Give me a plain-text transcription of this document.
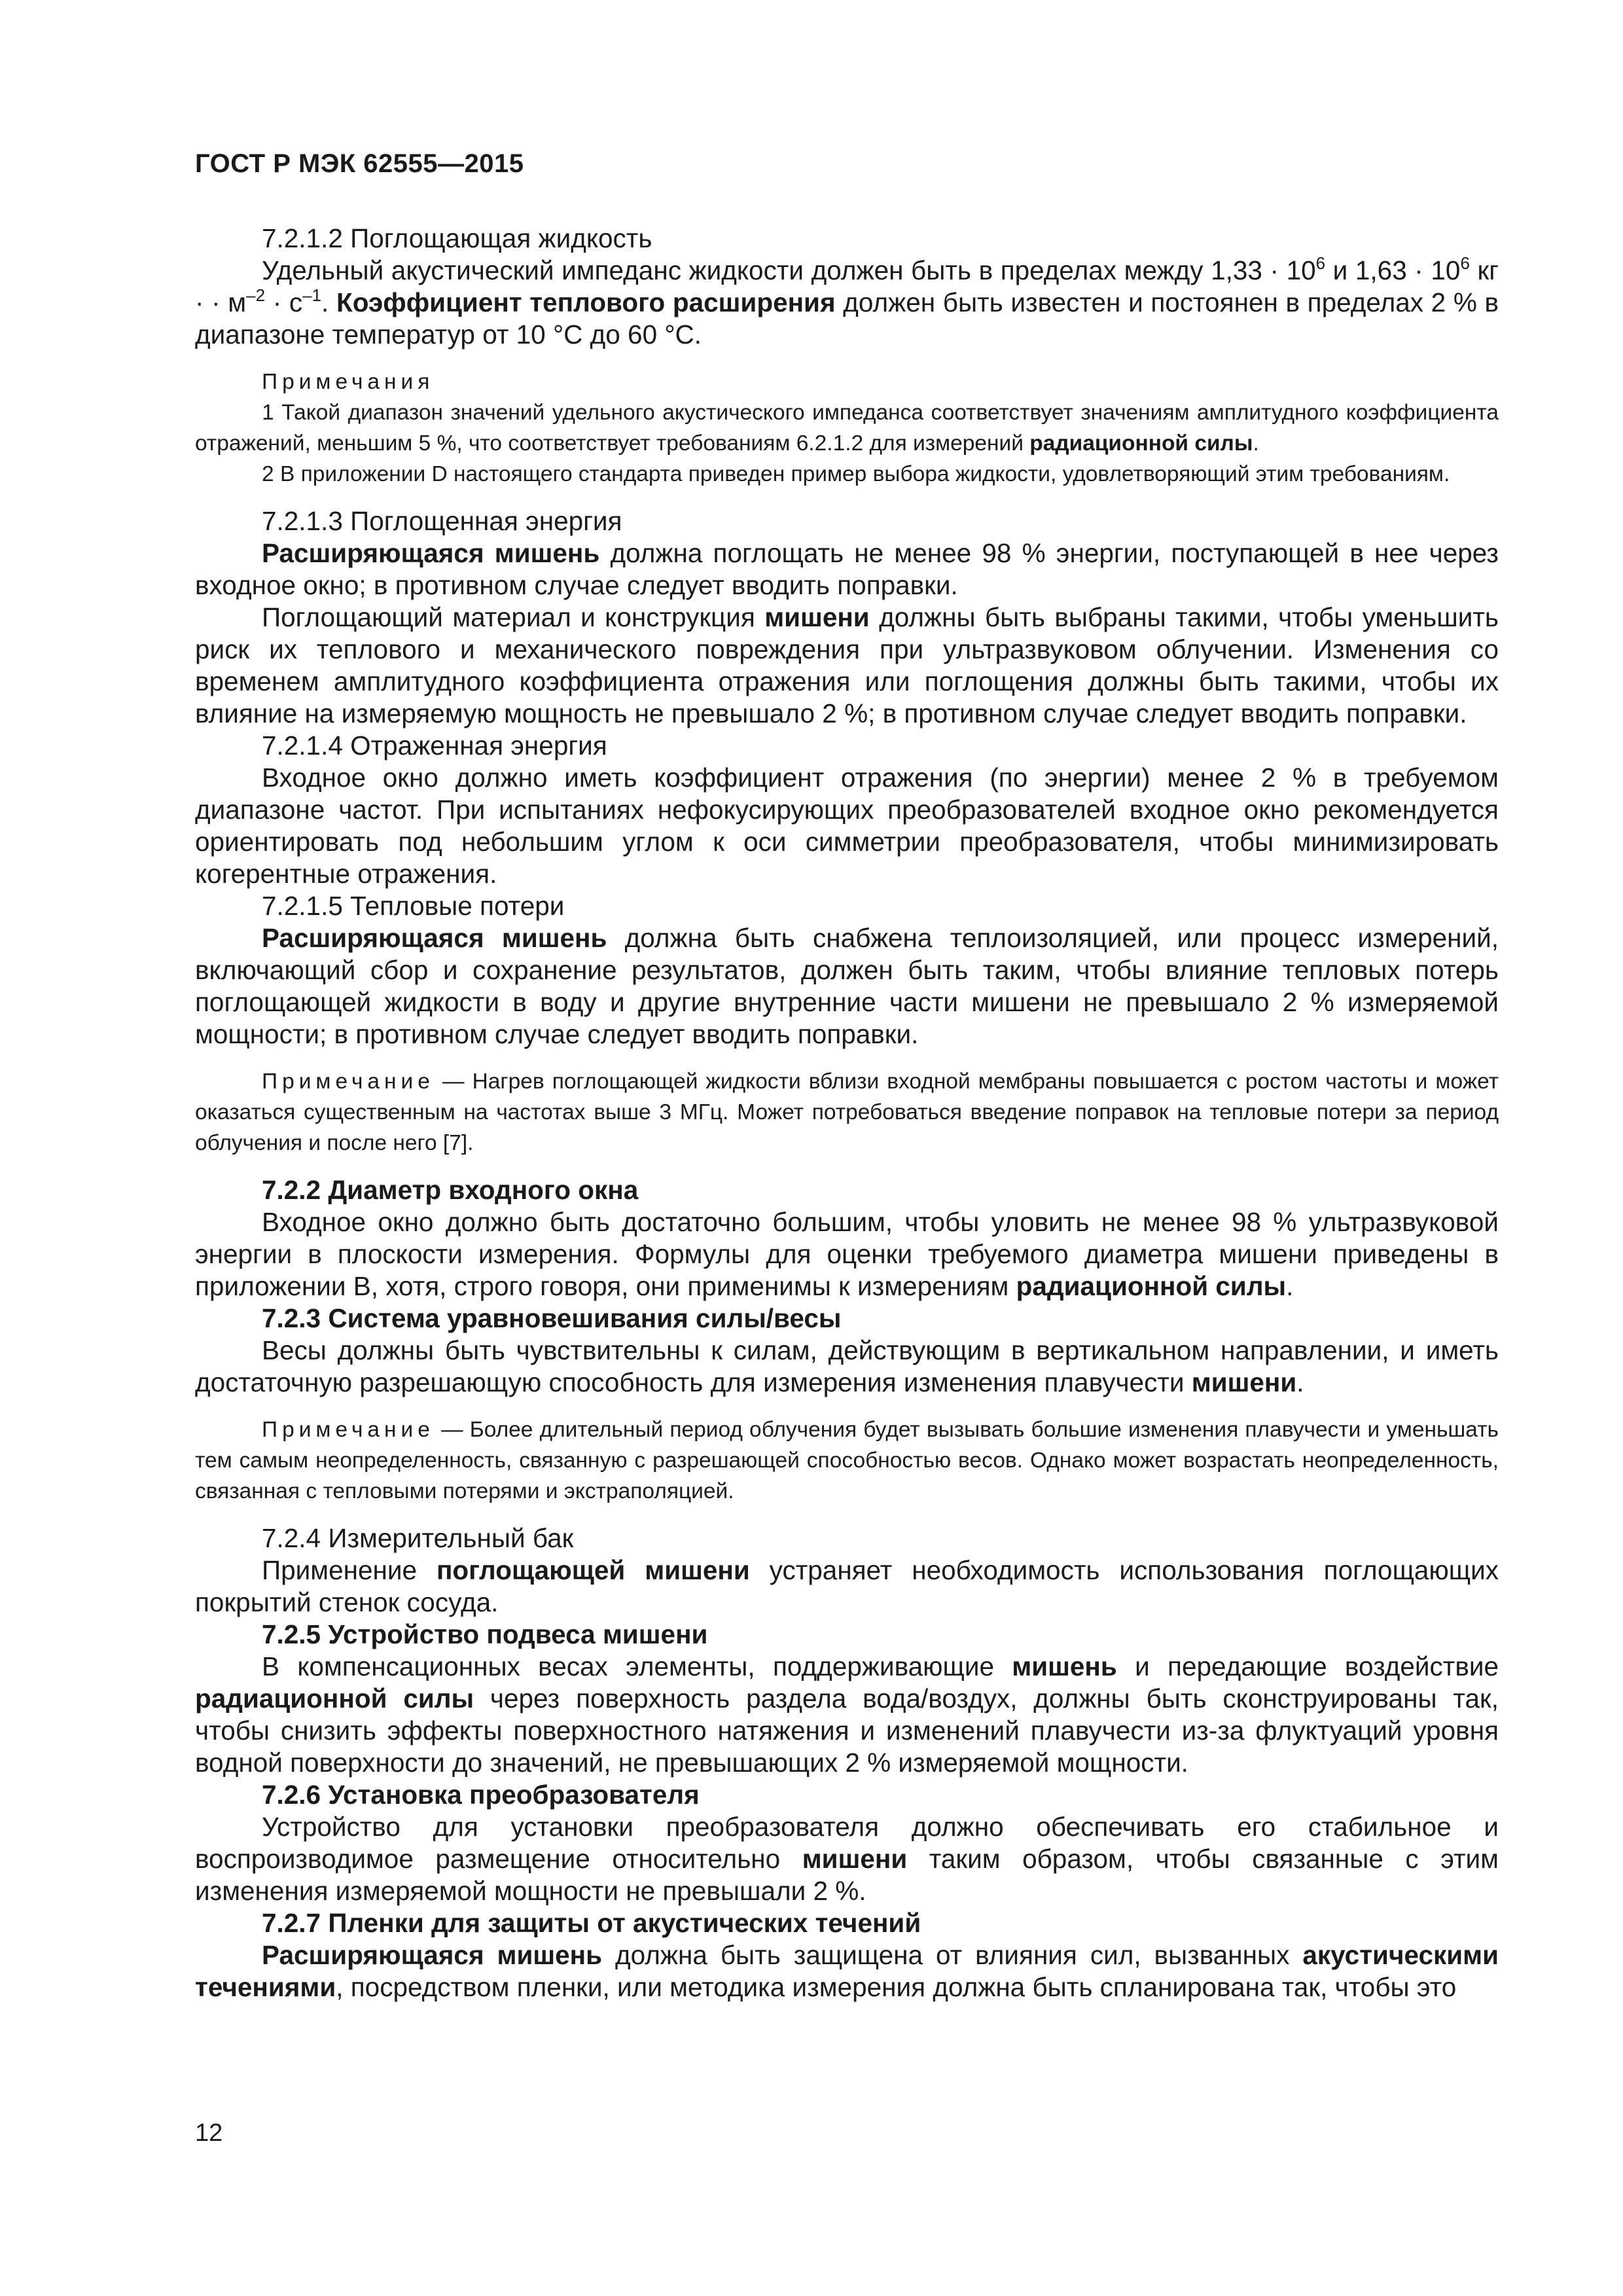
ГОСТ Р МЭК 62555—2015

7.2.1.2 Поглощающая жидкость

Удельный акустический импеданс жидкости должен быть в пределах между $1,33 \cdot 10^6$ и $1,63 \cdot 10^6$ кг · · $м^{-2} \cdot с^{-1}$. Коэффициент теплового расширения должен быть известен и постоянен в пределах 2 % в диапазоне температур от 10 °C до 60 °C.

Примечания

1 Такой диапазон значений удельного акустического импеданса соответствует значениям амплитудного коэффициента отражений, меньшим 5 %, что соответствует требованиям 6.2.1.2 для измерений радиационной силы.

2 В приложении D настоящего стандарта приведен пример выбора жидкости, удовлетворяющий этим требованиям.

7.2.1.3 Поглощенная энергия

Расширяющаяся мишень должна поглощать не менее 98 % энергии, поступающей в нее через входное окно; в противном случае следует вводить поправки.

Поглощающий материал и конструкция мишени должны быть выбраны такими, чтобы уменьшить риск их теплового и механического повреждения при ультразвуковом облучении. Изменения со временем амплитудного коэффициента отражения или поглощения должны быть такими, чтобы их влияние на измеряемую мощность не превышало 2 %; в противном случае следует вводить поправки.

7.2.1.4 Отраженная энергия

Входное окно должно иметь коэффициент отражения (по энергии) менее 2 % в требуемом диапазоне частот. При испытаниях нефокусирующих преобразователей входное окно рекомендуется ориентировать под небольшим углом к оси симметрии преобразователя, чтобы минимизировать когерентные отражения.

7.2.1.5 Тепловые потери

Расширяющаяся мишень должна быть снабжена теплоизоляцией, или процесс измерений, включающий сбор и сохранение результатов, должен быть таким, чтобы влияние тепловых потерь поглощающей жидкости в воду и другие внутренние части мишени не превышало 2 % измеряемой мощности; в противном случае следует вводить поправки.

Примечание — Нагрев поглощающей жидкости вблизи входной мембраны повышается с ростом частоты и может оказаться существенным на частотах выше 3 МГц. Может потребоваться введение поправок на тепловые потери за период облучения и после него [7].

7.2.2 Диаметр входного окна

Входное окно должно быть достаточно большим, чтобы уловить не менее 98 % ультразвуковой энергии в плоскости измерения. Формулы для оценки требуемого диаметра мишени приведены в приложении B, хотя, строго говоря, они применимы к измерениям радиационной силы.

7.2.3 Система уравновешивания силы/весы

Весы должны быть чувствительны к силам, действующим в вертикальном направлении, и иметь достаточную разрешающую способность для измерения изменения плавучести мишени.

Примечание — Более длительный период облучения будет вызывать большие изменения плавучести и уменьшать тем самым неопределенность, связанную с разрешающей способностью весов. Однако может возрастать неопределенность, связанная с тепловыми потерями и экстраполяцией.

7.2.4 Измерительный бак

Применение поглощающей мишени устраняет необходимость использования поглощающих покрытий стенок сосуда.

7.2.5 Устройство подвеса мишени

В компенсационных весах элементы, поддерживающие мишень и передающие воздействие радиационной силы через поверхность раздела вода/воздух, должны быть сконструированы так, чтобы снизить эффекты поверхностного натяжения и изменений плавучести из-за флуктуаций уровня водной поверхности до значений, не превышающих 2 % измеряемой мощности.

7.2.6 Установка преобразователя

Устройство для установки преобразователя должно обеспечивать его стабильное и воспроизводимое размещение относительно мишени таким образом, чтобы связанные с этим изменения измеряемой мощности не превышали 2 %.

7.2.7 Пленки для защиты от акустических течений

Расширяющаяся мишень должна быть защищена от влияния сил, вызванных акустическими течениями, посредством пленки, или методика измерения должна быть спланирована так, чтобы это

12
